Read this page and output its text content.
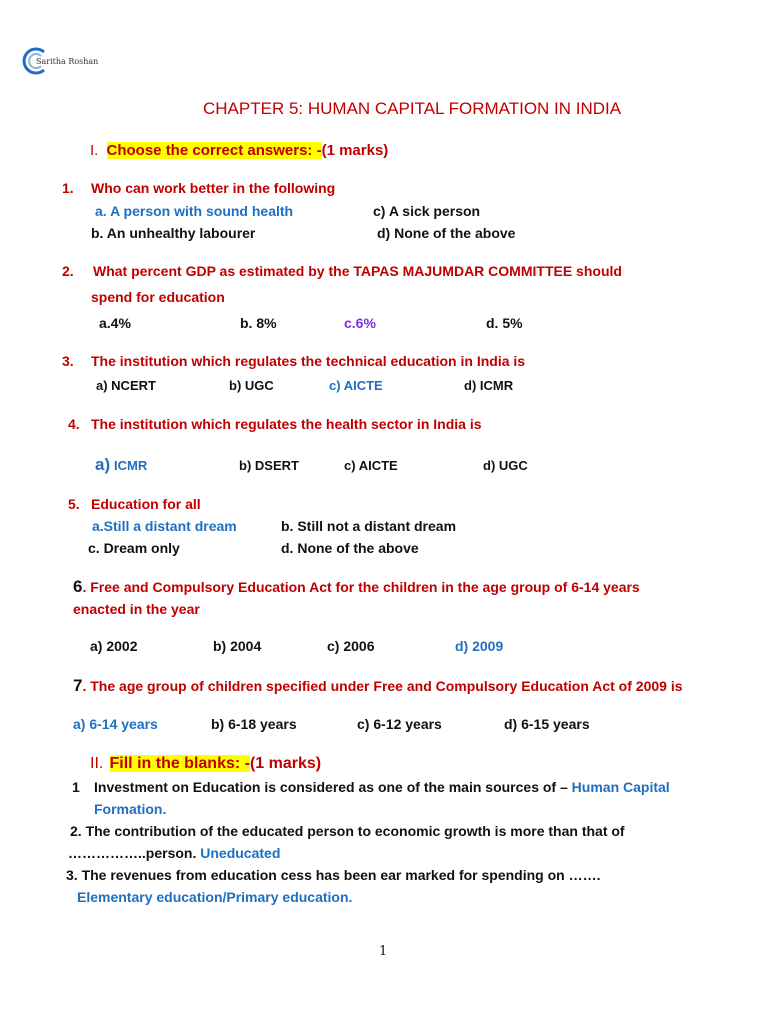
Saritha Roshan
CHAPTER 5: HUMAN CAPITAL FORMATION IN INDIA
I. Choose the correct answers: -(1 marks)
1. Who can work better in the following
a. A person with sound health	c) A sick person
b. An unhealthy labourer	d) None of the above
2. What percent GDP as estimated by the TAPAS MAJUMDAR COMMITTEE should
spend for education
a.4%	b. 8%	c.6%	d. 5%
3. The institution which regulates the technical education in India is
a) NCERT	b) UGC	c) AICTE	d) ICMR
4. The institution which regulates the health sector in India is
a) ICMR	b) DSERT	c) AICTE	d) UGC
5. Education for all
a.Still a distant dream	b. Still not a distant dream
c. Dream only	d. None of the above
6. Free and Compulsory Education Act for the children in the age group of 6-14 years
enacted in the year
a) 2002	b) 2004	c) 2006	d) 2009
7. The age group of children specified under Free and Compulsory Education Act of 2009 is
a) 6-14 years	b) 6-18 years	c) 6-12 years	d) 6-15 years
II. Fill in the blanks: -(1 marks)
1 Investment on Education is considered as one of the main sources of – Human Capital
Formation.
2. The contribution of the educated person to economic growth is more than that of
……………..person. Uneducated
3. The revenues from education cess has been ear marked for spending on …….
Elementary education/Primary education.
1
